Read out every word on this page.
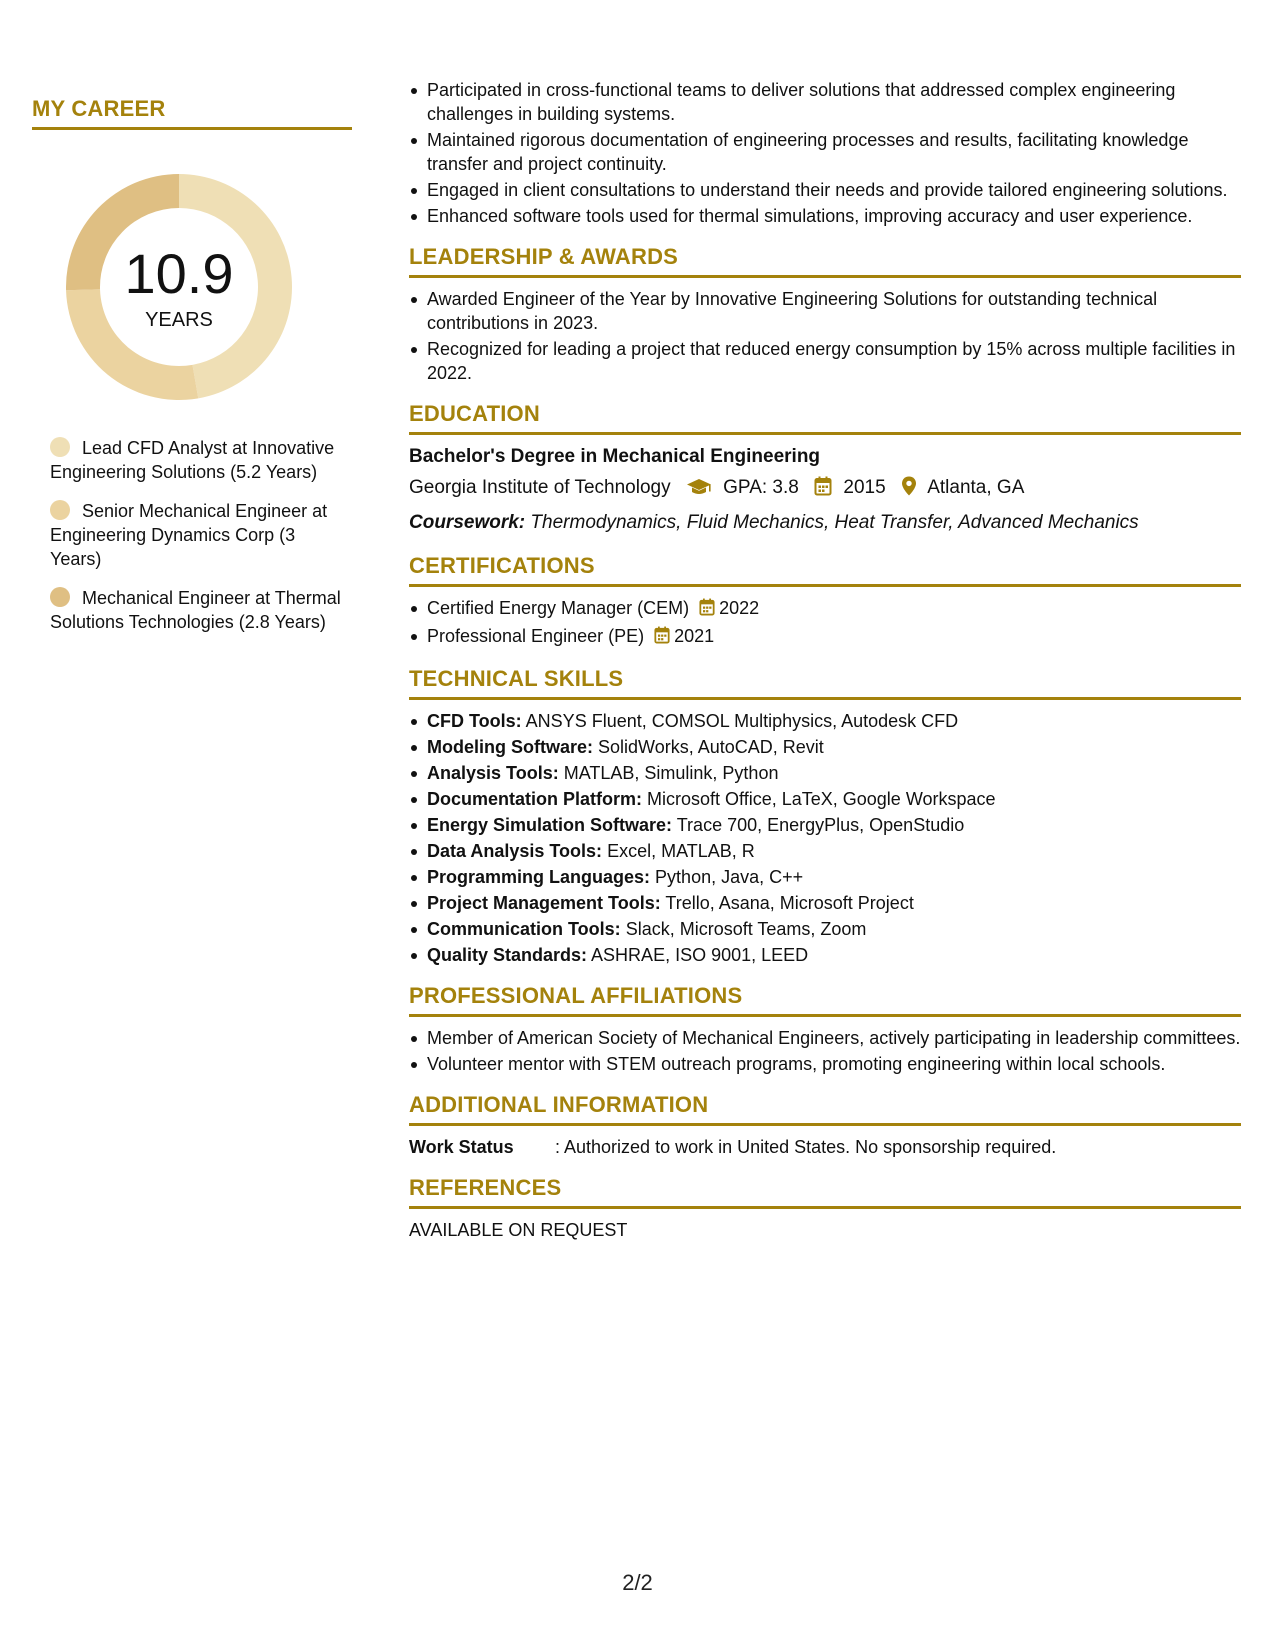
MY CAREER
10.9
YEARS
Lead CFD Analyst at Innovative Engineering Solutions (5.2 Years)
Senior Mechanical Engineer at Engineering Dynamics Corp (3 Years)
Mechanical Engineer at Thermal Solutions Technologies (2.8 Years)
Participated in cross-functional teams to deliver solutions that addressed complex engineering challenges in building systems.
Maintained rigorous documentation of engineering processes and results, facilitating knowledge transfer and project continuity.
Engaged in client consultations to understand their needs and provide tailored engineering solutions.
Enhanced software tools used for thermal simulations, improving accuracy and user experience.
LEADERSHIP & AWARDS
Awarded Engineer of the Year by Innovative Engineering Solutions for outstanding technical contributions in 2023.
Recognized for leading a project that reduced energy consumption by 15% across multiple facilities in 2022.
EDUCATION

Bachelor's Degree in Mechanical Engineering

Georgia Institute of Technology	GPA: 3.8 2015 Atlanta, GA

Coursework: Thermodynamics, Fluid Mechanics, Heat Transfer, Advanced Mechanics

CERTIFICATIONS
Certified Energy Manager (CEM) 2022
Professional Engineer (PE) 2021
TECHNICAL SKILLS
CFD Tools: ANSYS Fluent, COMSOL Multiphysics, Autodesk CFD
Modeling Software: SolidWorks, AutoCAD, Revit
Analysis Tools: MATLAB, Simulink, Python
Documentation Platform: Microsoft Office, LaTeX, Google Workspace
Energy Simulation Software: Trace 700, EnergyPlus, OpenStudio
Data Analysis Tools: Excel, MATLAB, R
Programming Languages: Python, Java, C++
Project Management Tools: Trello, Asana, Microsoft Project
Communication Tools: Slack, Microsoft Teams, Zoom
Quality Standards: ASHRAE, ISO 9001, LEED
PROFESSIONAL AFFILIATIONS
Member of American Society of Mechanical Engineers, actively participating in leadership committees.
Volunteer mentor with STEM outreach programs, promoting engineering within local schools.
ADDITIONAL INFORMATION
Work Status : Authorized to work in United States. No sponsorship required.
REFERENCES

AVAILABLE ON REQUEST

2/2
